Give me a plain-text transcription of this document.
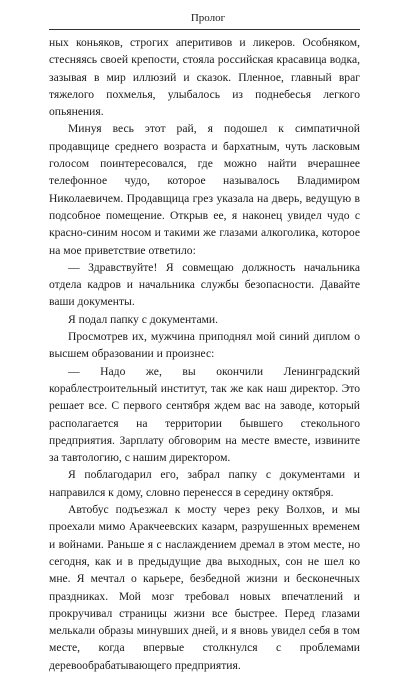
Пролог

ных коньяков, строгих аперитивов и ликеров. Особняком, стесняясь своей крепости, стояла российская красавица водка, зазывая в мир иллюзий и сказок. Пленное, главный враг тяжелого похмелья, улыбалось из поднебесья легкого опьянения.

Минуя весь этот рай, я подошел к симпатичной продавщице среднего возраста и бархатным, чуть ласковым голосом поинтересовался, где можно найти вчерашнее телефонное чудо, которое называлось Владимиром Николаевичем. Продавщица грез указала на дверь, ведущую в подсобное помещение. Открыв ее, я наконец увидел чудо с красно-синим носом и такими же глазами алкоголика, которое на мое приветствие ответило:

— Здравствуйте! Я совмещаю должность начальника отдела кадров и начальника службы безопасности. Давайте ваши документы.

Я подал папку с документами.

Просмотрев их, мужчина приподнял мой синий диплом о высшем образовании и произнес:

— Надо же, вы окончили Ленинградский кораблестроительный институт, так же как наш директор. Это решает все. С первого сентября ждем вас на заводе, который располагается на территории бывшего стекольного предприятия. Зарплату обговорим на месте вместе, извините за тавтологию, с нашим директором.

Я поблагодарил его, забрал папку с документами и направился к дому, словно перенесся в середину октября.

Автобус подъезжал к мосту через реку Волхов, и мы проехали мимо Аракчеевских казарм, разрушенных временем и войнами. Раньше я с наслаждением дремал в этом месте, но сегодня, как и в предыдущие два выходных, сон не шел ко мне. Я мечтал о карьере, безбедной жизни и бесконечных праздниках. Мой мозг требовал новых впечатлений и прокручивал страницы жизни все быстрее. Перед глазами мелькали образы минувших дней, и я вновь увидел себя в том месте, когда впервые столкнулся с проблемами деревообрабатывающего предприятия.
